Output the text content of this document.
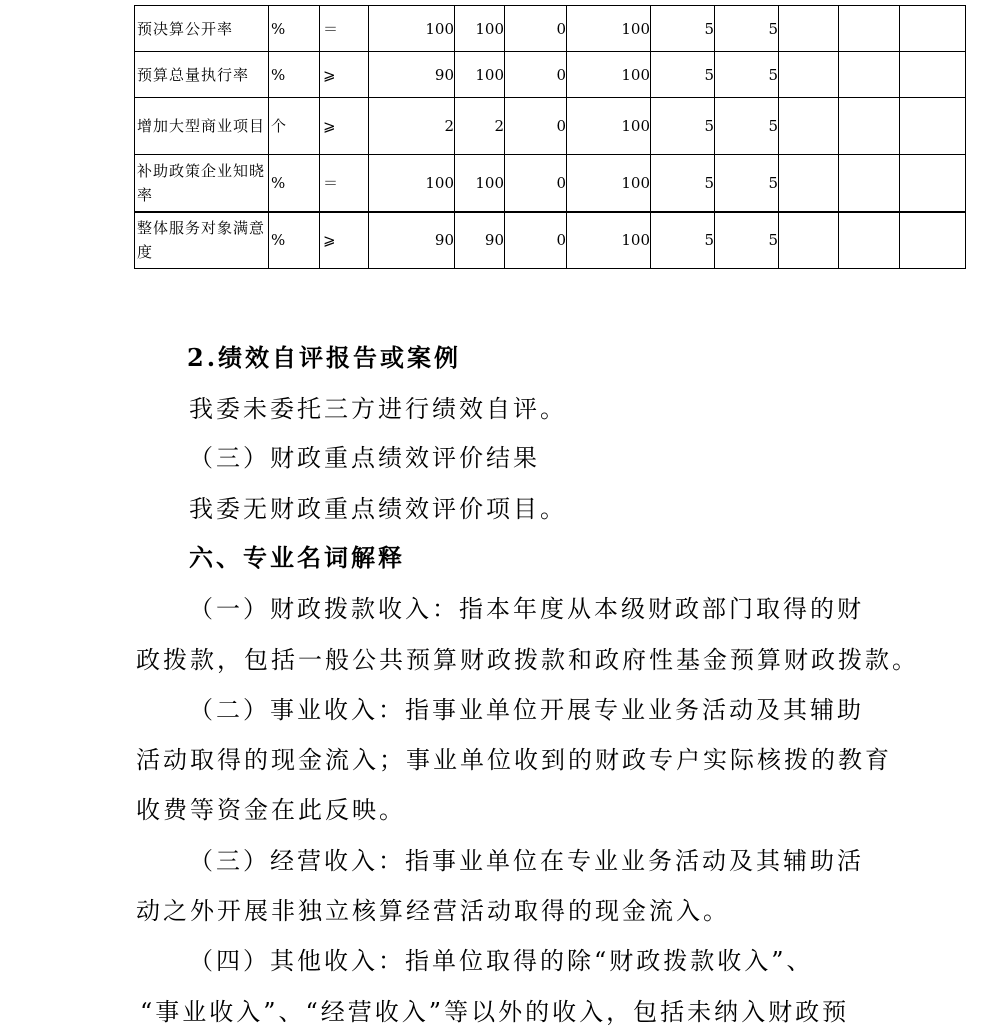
预决算公开率	%	＝	100	100	0	100	5	5			
预算总量执行率	%	⩾	90	100	0	100	5	5			
增加大型商业项目	个	⩾	2	2	0	100	5	5			
补助政策企业知晓率	%	＝	100	100	0	100	5	5			
整体服务对象满意度	%	⩾	90	90	0	100	5	5			
2.绩效自评报告或案例
我委未委托三方进行绩效自评。
（三）财政重点绩效评价结果
我委无财政重点绩效评价项目。
六、专业名词解释
（一）财政拨款收入：指本年度从本级财政部门取得的财
政拨款，包括一般公共预算财政拨款和政府性基金预算财政拨款。
（二）事业收入：指事业单位开展专业业务活动及其辅助
活动取得的现金流入；事业单位收到的财政专户实际核拨的教育
收费等资金在此反映。
（三）经营收入：指事业单位在专业业务活动及其辅助活
动之外开展非独立核算经营活动取得的现金流入。
（四）其他收入：指单位取得的除“财政拨款收入”、
“事业收入”、“经营收入”等以外的收入，包括未纳入财政预
